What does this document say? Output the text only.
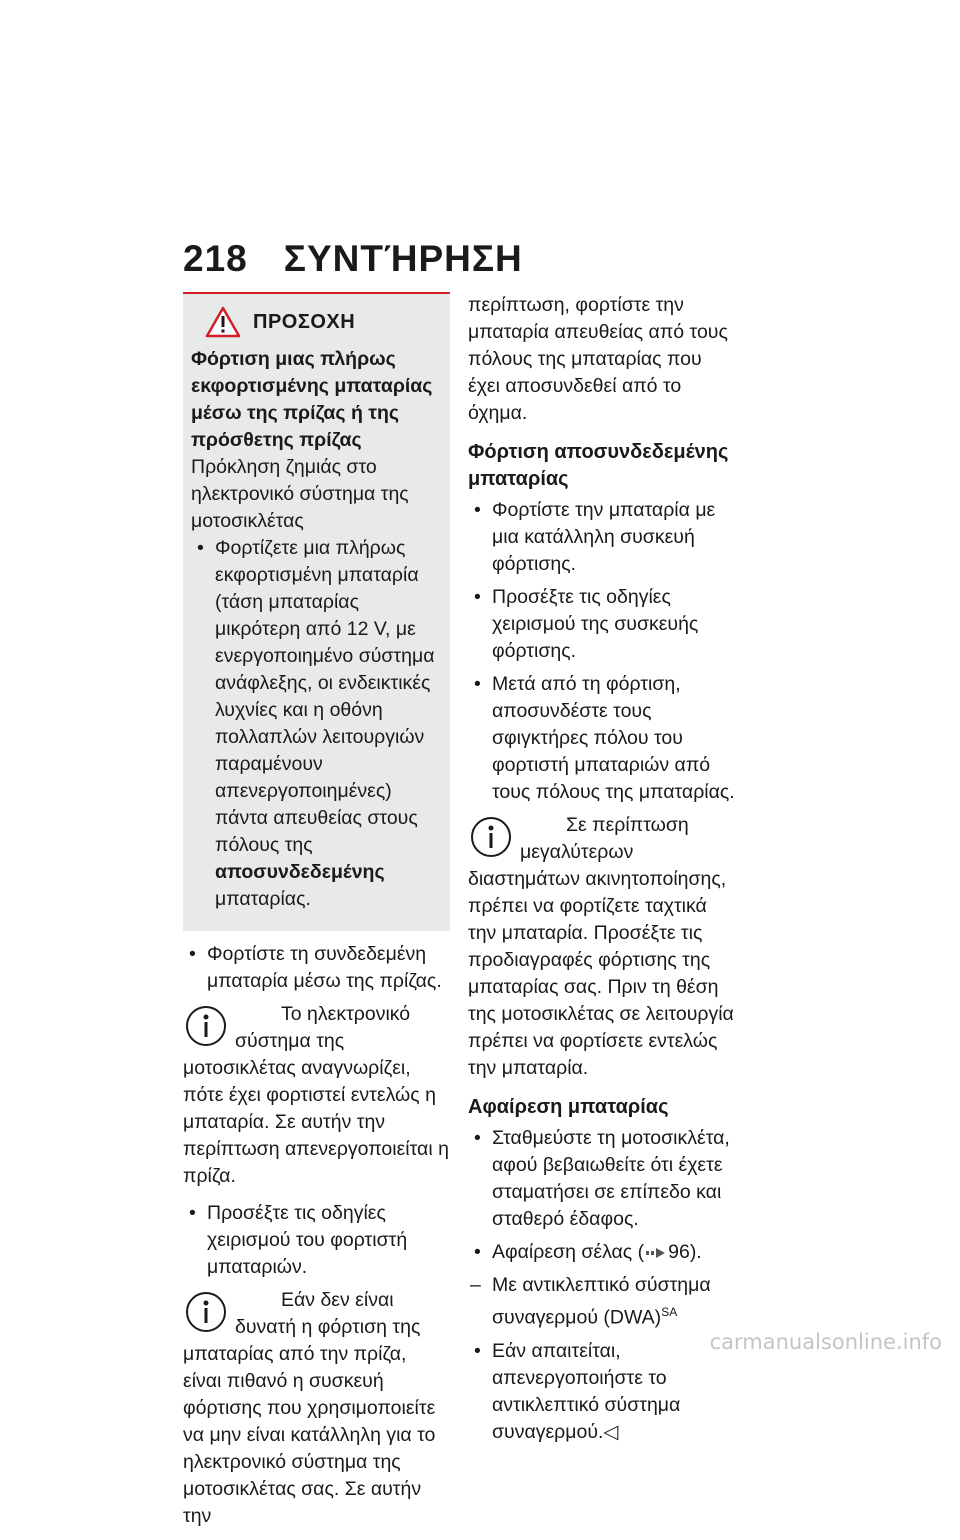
218 ΣΥΝΤΉΡΗΣΗ
ΠΡΟΣΟΧΗ
Φόρτιση μιας πλήρως εκφορτισμένης μπαταρίας μέσω της πρίζας ή της πρόσθετης πρίζας

Πρόκληση ζημιάς στο ηλεκτρονικό σύστημα της μοτοσικλέτας

• Φορτίζετε μια πλήρως εκφορτισμένη μπαταρία (τάση μπαταρίας μικρότερη από 12 V, με ενεργοποιημένο σύστημα ανάφλεξης, οι ενδεικτικές λυχνίες και η οθόνη πολλαπλών λειτουργιών παραμένουν απενεργοποιημένες) πάντα απευθείας στους πόλους της αποσυνδεδεμένης μπαταρίας.
• Φορτίστε τη συνδεδεμένη μπαταρία μέσω της πρίζας.

Το ηλεκτρονικό σύστημα της μοτοσικλέτας αναγνωρίζει, πότε έχει φορτιστεί εντελώς η μπαταρία. Σε αυτήν την περίπτωση απενεργοποιείται η πρίζα.

• Προσέξτε τις οδηγίες χειρισμού του φορτιστή μπαταριών.

Εάν δεν είναι δυνατή η φόρτιση της μπαταρίας από την πρίζα, είναι πιθανό η συσκευή φόρτισης που χρησιμοποιείτε να μην είναι κατάλληλη για το ηλεκτρονικό σύστημα της μοτοσικλέτας σας. Σε αυτήν την

περίπτωση, φορτίστε την μπαταρία απευθείας από τους πόλους της μπαταρίας που έχει αποσυνδεθεί από το όχημα.

Φόρτιση αποσυνδεδεμένης μπαταρίας
• Φορτίστε την μπαταρία με μια κατάλληλη συσκευή φόρτισης.
• Προσέξτε τις οδηγίες χειρισμού της συσκευής φόρτισης.
• Μετά από τη φόρτιση, αποσυνδέστε τους σφιγκτήρες πόλου του φορτιστή μπαταριών από τους πόλους της μπαταρίας.

Σε περίπτωση μεγαλύτερων διαστημάτων ακινητοποίησης, πρέπει να φορτίζετε ταχτικά την μπαταρία. Προσέξτε τις προδιαγραφές φόρτισης της μπαταρίας σας. Πριν τη θέση της μοτοσικλέτας σε λειτουργία πρέπει να φορτίσετε εντελώς την μπαταρία.

Αφαίρεση μπαταρίας
• Σταθμεύστε τη μοτοσικλέτα, αφού βεβαιωθείτε ότι έχετε σταματήσει σε επίπεδο και σταθερό έδαφος.
• Αφαίρεση σέλας ( 96).
– Με αντικλεπτικό σύστημα συναγερμού (DWA)$^{SA}$
• Εάν απαιτείται, απενεργοποιήστε το αντικλεπτικό σύστημα συναγερμού.◁
carmanualsonline.info
